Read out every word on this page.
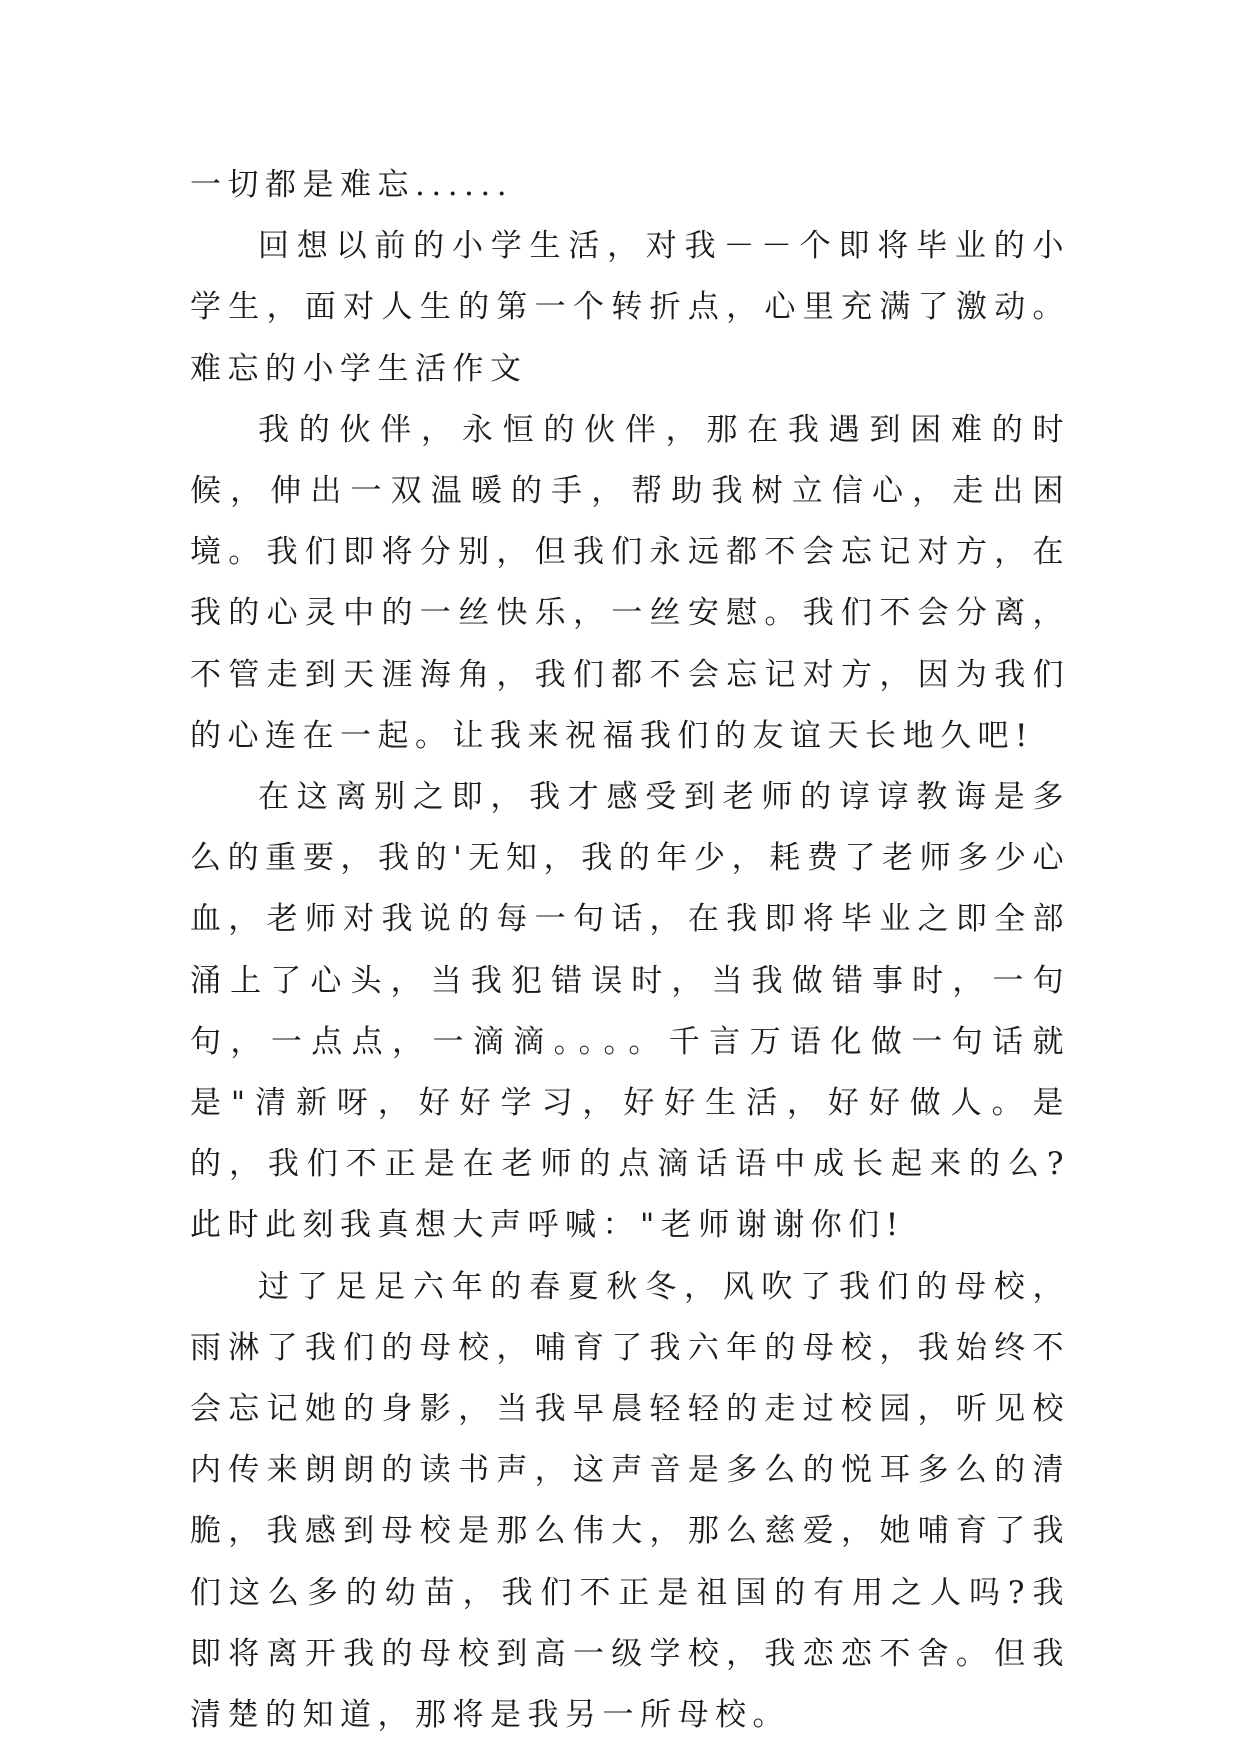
一切都是难忘......

回想以前的小学生活，对我－－个即将毕业的小学生，面对人生的第一个转折点，心里充满了激动。难忘的小学生活作文

我的伙伴，永恒的伙伴，那在我遇到困难的时候，伸出一双温暖的手，帮助我树立信心，走出困境。我们即将分别，但我们永远都不会忘记对方，在我的心灵中的一丝快乐，一丝安慰。我们不会分离，不管走到天涯海角，我们都不会忘记对方，因为我们的心连在一起。让我来祝福我们的友谊天长地久吧!

在这离别之即，我才感受到老师的谆谆教诲是多么的重要，我的'无知，我的年少，耗费了老师多少心血，老师对我说的每一句话，在我即将毕业之即全部涌上了心头，当我犯错误时，当我做错事时，一句句，一点点，一滴滴。。。。千言万语化做一句话就是"清新呀，好好学习，好好生活，好好做人。是的，我们不正是在老师的点滴话语中成长起来的么?此时此刻我真想大声呼喊："老师谢谢你们!

过了足足六年的春夏秋冬，风吹了我们的母校，雨淋了我们的母校，哺育了我六年的母校，我始终不会忘记她的身影，当我早晨轻轻的走过校园，听见校内传来朗朗的读书声，这声音是多么的悦耳多么的清脆，我感到母校是那么伟大，那么慈爱，她哺育了我们这么多的幼苗，我们不正是祖国的有用之人吗?我即将离开我的母校到高一级学校，我恋恋不舍。但我清楚的知道，那将是我另一所母校。
